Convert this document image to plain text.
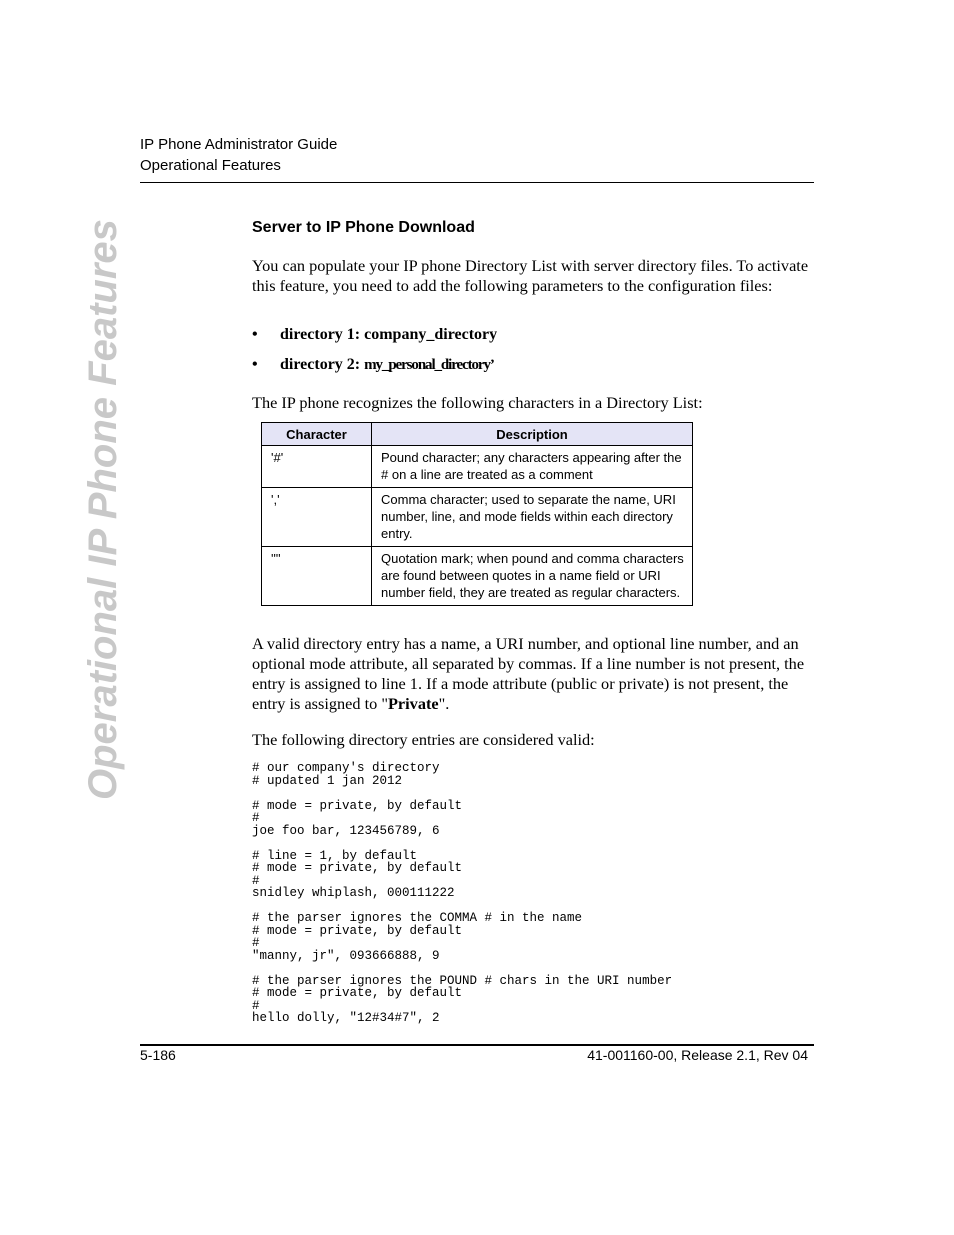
IP Phone Administrator Guide
Operational Features
Operational IP Phone Features	Server to IP Phone Download
You can populate your IP phone Directory List with server directory files. To activate this feature, you need to add the following parameters to the configuration files:
• directory 1: company_directory
• directory 2: my_personal_directory’
The IP phone recognizes the following characters in a Directory List:
Character	Description
'#'	Pound character; any characters appearing after the # on a line are treated as a comment
','	Comma character; used to separate the name, URI number, line, and mode fields within each directory entry.
'"'	Quotation mark; when pound and comma characters are found between quotes in a name field or URI number field, they are treated as regular characters.
A valid directory entry has a name, a URI number, and optional line number, and an optional mode attribute, all separated by commas. If a line number is not present, the entry is assigned to line 1. If a mode attribute (public or private) is not present, the entry is assigned to "Private".
The following directory entries are considered valid:
# our company's directory
# updated 1 jan 2012

# mode = private, by default
#
joe foo bar, 123456789, 6

# line = 1, by default
# mode = private, by default
#
snidley whiplash, 000111222

# the parser ignores the COMMA # in the name
# mode = private, by default
#
"manny, jr", 093666888, 9

# the parser ignores the POUND # chars in the URI number
# mode = private, by default
#
hello dolly, "12#34#7", 2
5-186	41-001160-00, Release 2.1, Rev 04
